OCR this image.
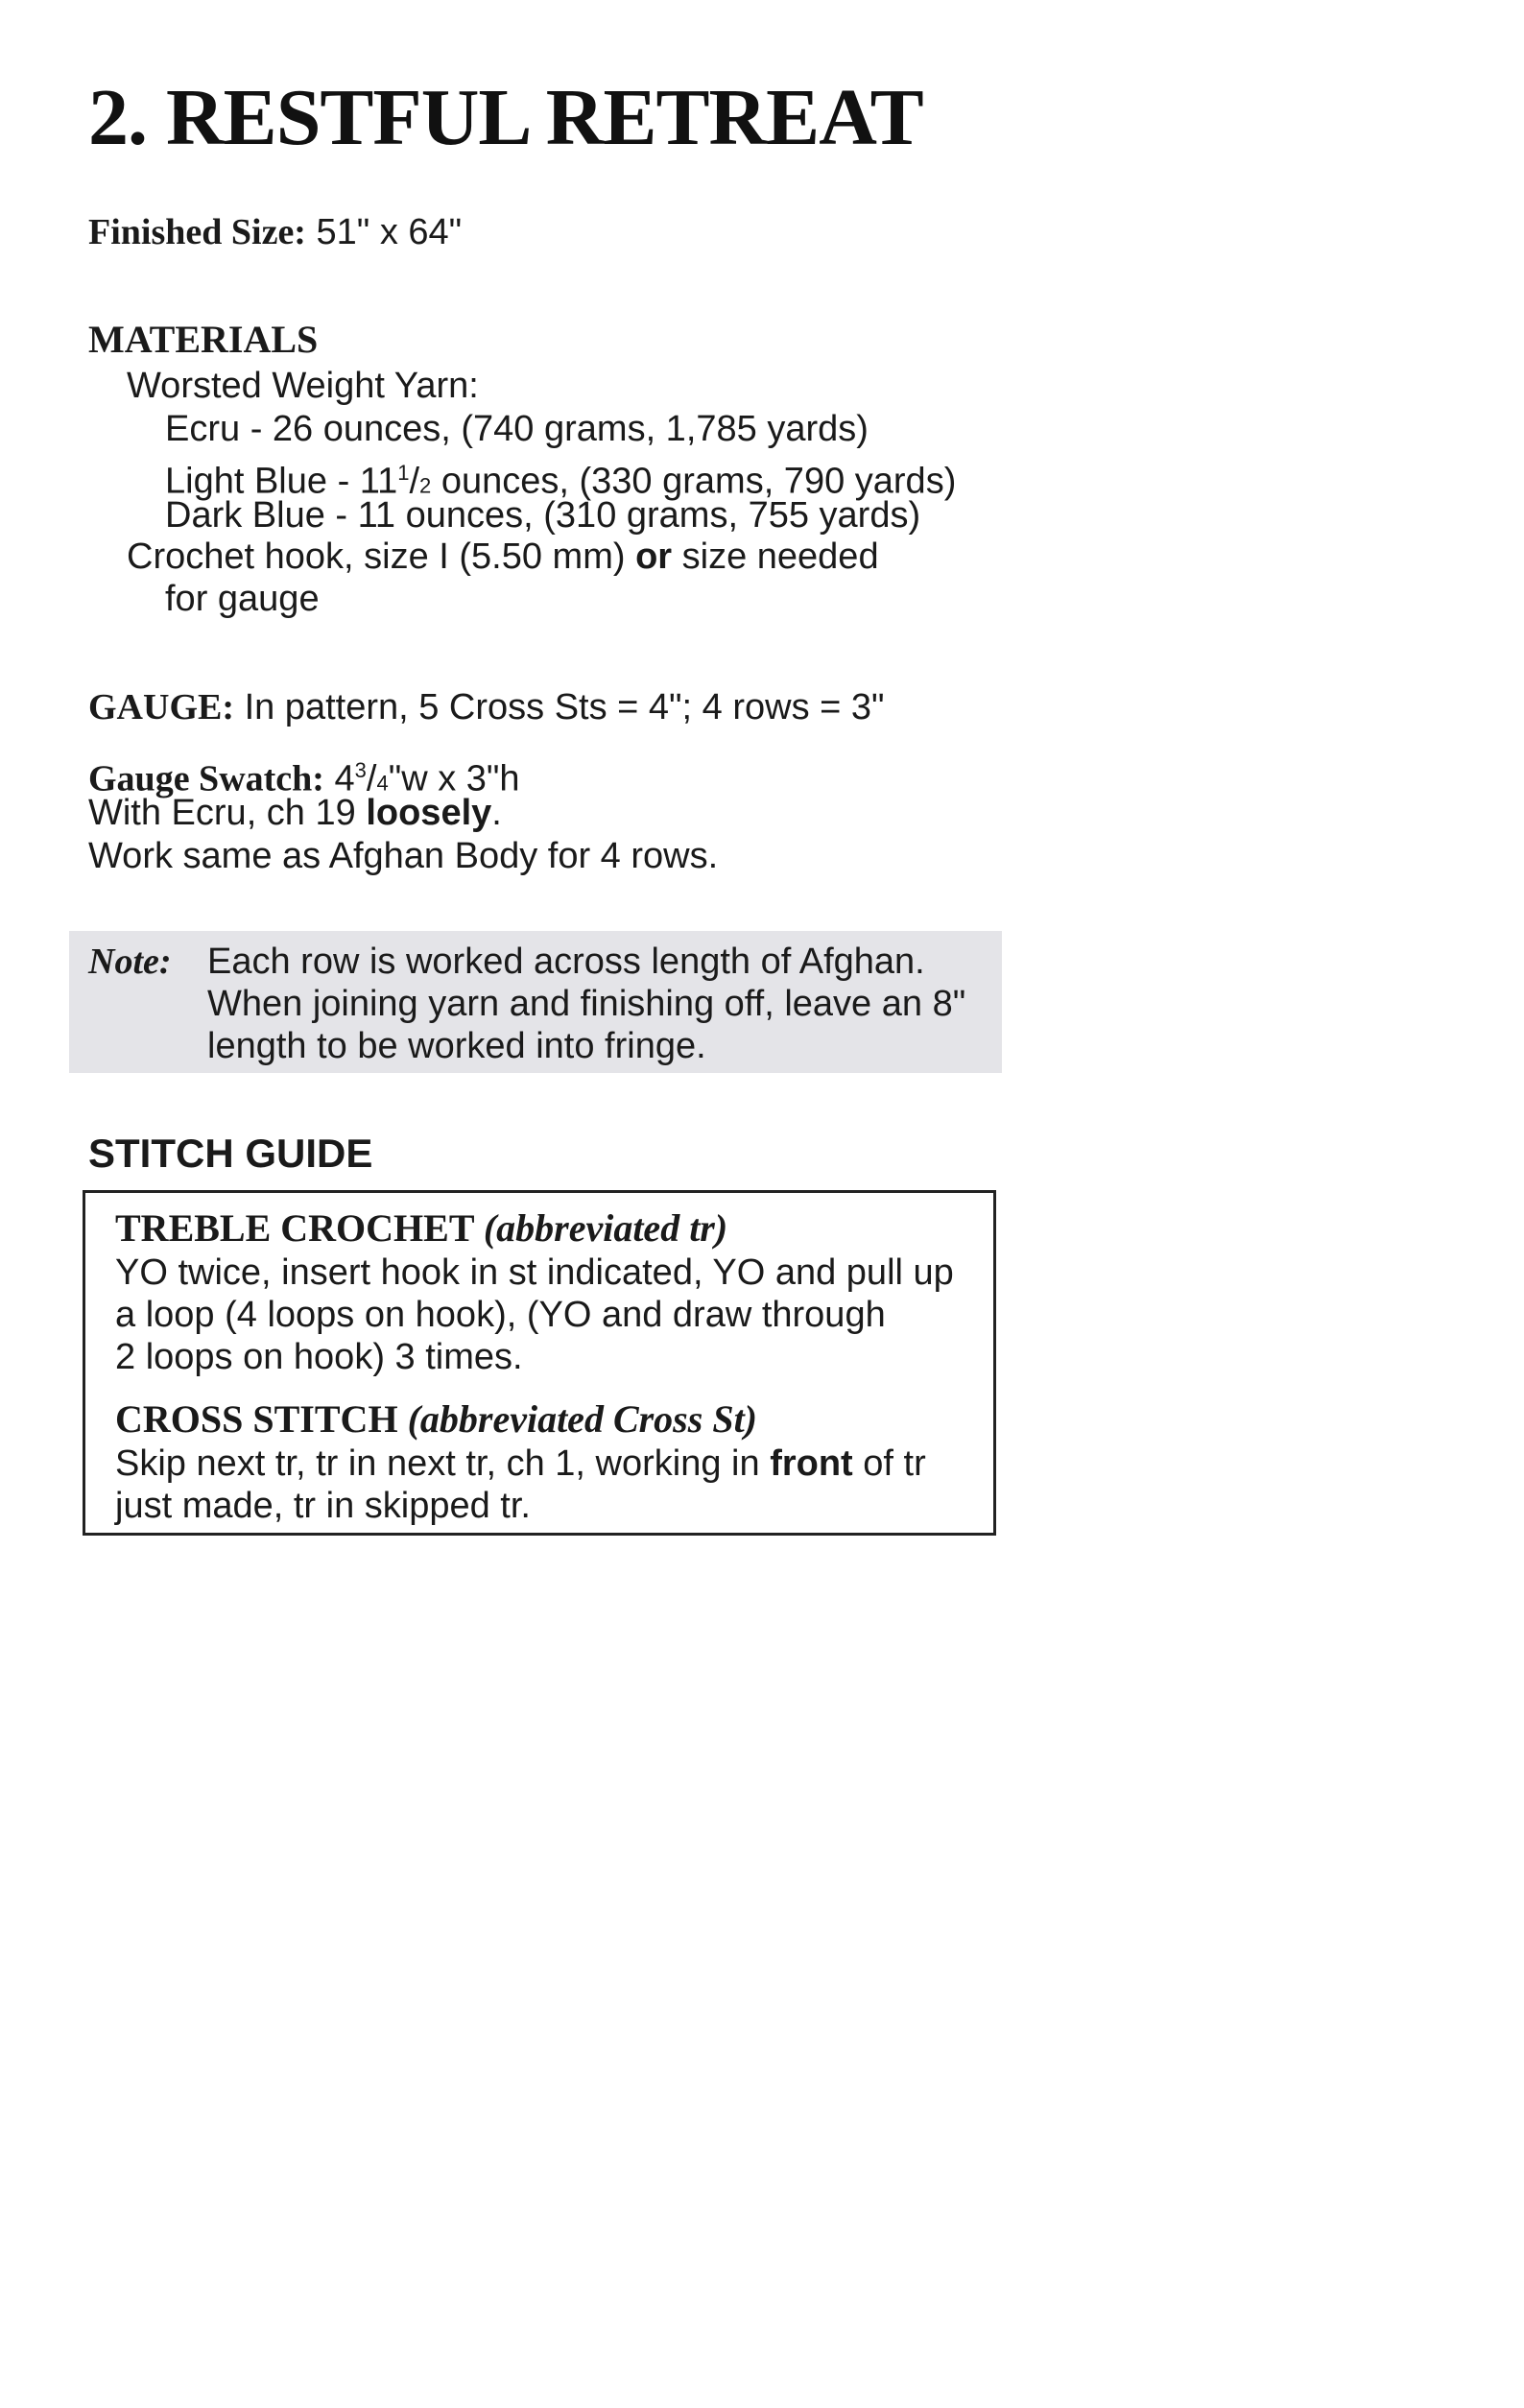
2. RESTFUL RETREAT
Finished Size: 51" x 64"
MATERIALS
Worsted Weight Yarn:
Ecru - 26 ounces, (740 grams, 1,785 yards)
Light Blue - $11^1/2$ ounces, (330 grams, 790 yards)
Dark Blue - 11 ounces, (310 grams, 755 yards)
Crochet hook, size I (5.50 mm) or size needed
for gauge
GAUGE: In pattern, 5 Cross Sts = 4"; 4 rows = 3"
Gauge Swatch: $4^3/4"w$ x 3"h
With Ecru, ch 19 loosely.
Work same as Afghan Body for 4 rows.
Note: Each row is worked across length of Afghan.
When joining yarn and finishing off, leave an 8"
length to be worked into fringe.
STITCH GUIDE
TREBLE CROCHET (abbreviated tr)
YO twice, insert hook in st indicated, YO and pull up
a loop (4 loops on hook), (YO and draw through
2 loops on hook) 3 times.
CROSS STITCH (abbreviated Cross St)
Skip next tr, tr in next tr, ch 1, working in front of tr
just made, tr in skipped tr.
